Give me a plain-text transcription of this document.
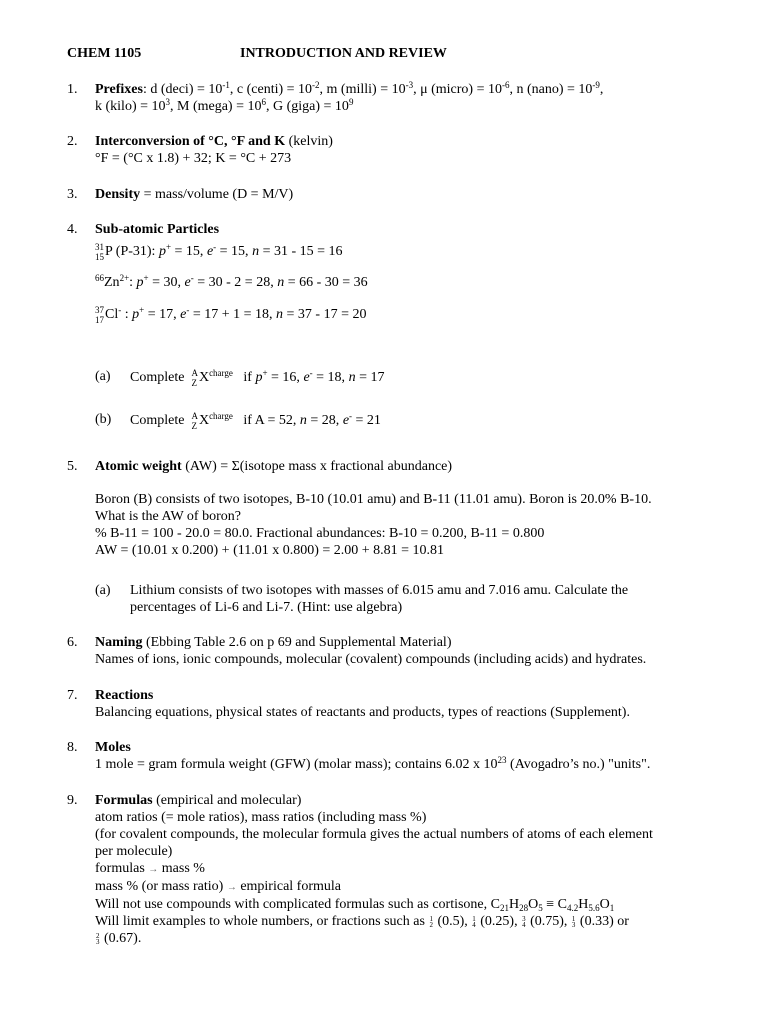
CHEM 1105	INTRODUCTION AND REVIEW
1. Prefixes: d (deci) = $10^{-1}$, c (centi) = $10^{-2}$, m (milli) = $10^{-3}$, μ (micro) = $10^{-6}$, n (nano) = $10^{-9}$,
k (kilo) = $10^3$, M (mega) = $10^6$, G (giga) = $10^9$
2. Interconversion of °C, °F and K (kelvin)
°F = (°C x 1.8) + 32; K = °C + 273
3. Density = mass/volume (D = M/V)
4. Sub-atomic Particles
31
15 P (P-31): p+ = 15, e- = 15, n = 31 - 15 = 16
$^{66}Zn^{2+}$: p+ = 30, e- = 30 - 2 = 28, n = 66 - 30 = 36
37
17 Cl- : p+ = 17, e- = 17 + 1 = 18, n = 37 - 17 = 20
(a) Complete A
Z $X^{charge}$ if p+ = 16, e- = 18, n = 17
(b) Complete A
Z $X^{charge}$ if A = 52, n = 28, e- = 21
5. Atomic weight (AW) = Σ(isotope mass x fractional abundance)
Boron (B) consists of two isotopes, B-10 (10.01 amu) and B-11 (11.01 amu). Boron is 20.0% B-10.
What is the AW of boron?
% B-11 = 100 - 20.0 = 80.0. Fractional abundances: B-10 = 0.200, B-11 = 0.800
AW = (10.01 x 0.200) + (11.01 x 0.800) = 2.00 + 8.81 = 10.81
(a) Lithium consists of two isotopes with masses of 6.015 amu and 7.016 amu. Calculate the
percentages of Li-6 and Li-7. (Hint: use algebra)
6. Naming (Ebbing Table 2.6 on p 69 and Supplemental Material)
Names of ions, ionic compounds, molecular (covalent) compounds (including acids) and hydrates.
7. Reactions
Balancing equations, physical states of reactants and products, types of reactions (Supplement).
8. Moles
1 mole = gram formula weight (GFW) (molar mass); contains 6.02 x $10^{23}$ (Avogadro’s no.) "units".
9. Formulas (empirical and molecular)
atom ratios (= mole ratios), mass ratios (including mass %)
(for covalent compounds, the molecular formula gives the actual numbers of atoms of each element
per molecule)
formulas → mass %
mass % (or mass ratio) → empirical formula
Will not use compounds with complicated formulas such as cortisone, $C_{21}H_{28}O_5 \equiv C_{4.2}H_{5.6}O_1$
Will limit examples to whole numbers, or fractions such as 1
2 (0.5), 1
4 (0.25), 3
4 (0.75), 1
3 (0.33) or
2
3 (0.67).
